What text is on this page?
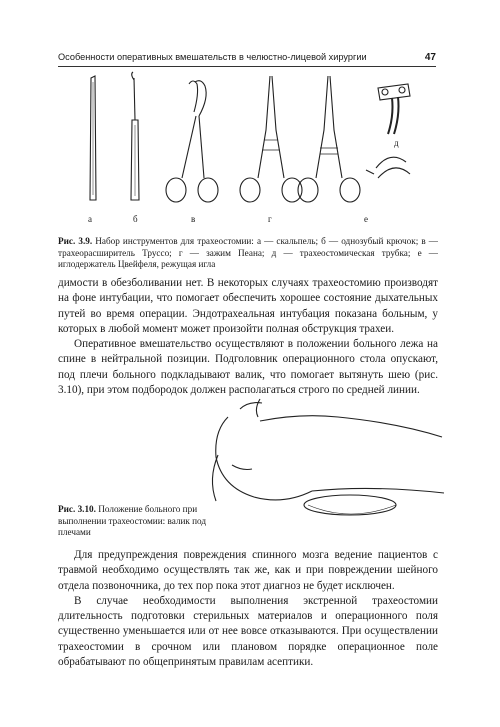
Особенности оперативных вмешательств в челюстно-лицевой хирургии	47
а	б	в	г
д
е
Рис. 3.9. Набор инструментов для трахеостомии: а — скальпель; б — однозубый крючок; в — трахеорасширитель Труссо; г — зажим Пеана; д — трахеостомическая трубка; е — иглодержатель Цвейфеля, режущая игла

димости в обезболивании нет. В некоторых случаях трахеостомию производят на фоне интубации, что помогает обеспечить хорошее состояние дыхательных путей во время операции. Эндотрахеальная интубация показана больным, у которых в любой момент может произойти полная обструкция трахеи.

Оперативное вмешательство осуществляют в положении больного лежа на спине в нейтральной позиции. Подголовник операционного стола опускают, под плечи больного подкладывают валик, что помогает вытянуть шею (рис. 3.10), при этом подбородок должен располагаться строго по средней линии.

Рис. 3.10. Положение больного при выполнении трахеостомии: валик под плечами

Для предупреждения повреждения спинного мозга ведение пациентов с травмой необходимо осуществлять так же, как и при повреждении шейного отдела позвоночника, до тех пор пока этот диагноз не будет исключен.

В случае необходимости выполнения экстренной трахеостомии длительность подготовки стерильных материалов и операционного поля существенно уменьшается или от нее вовсе отказываются. При осуществлении трахеостомии в срочном или плановом порядке операционное поле обрабатывают по общепринятым правилам асептики.
